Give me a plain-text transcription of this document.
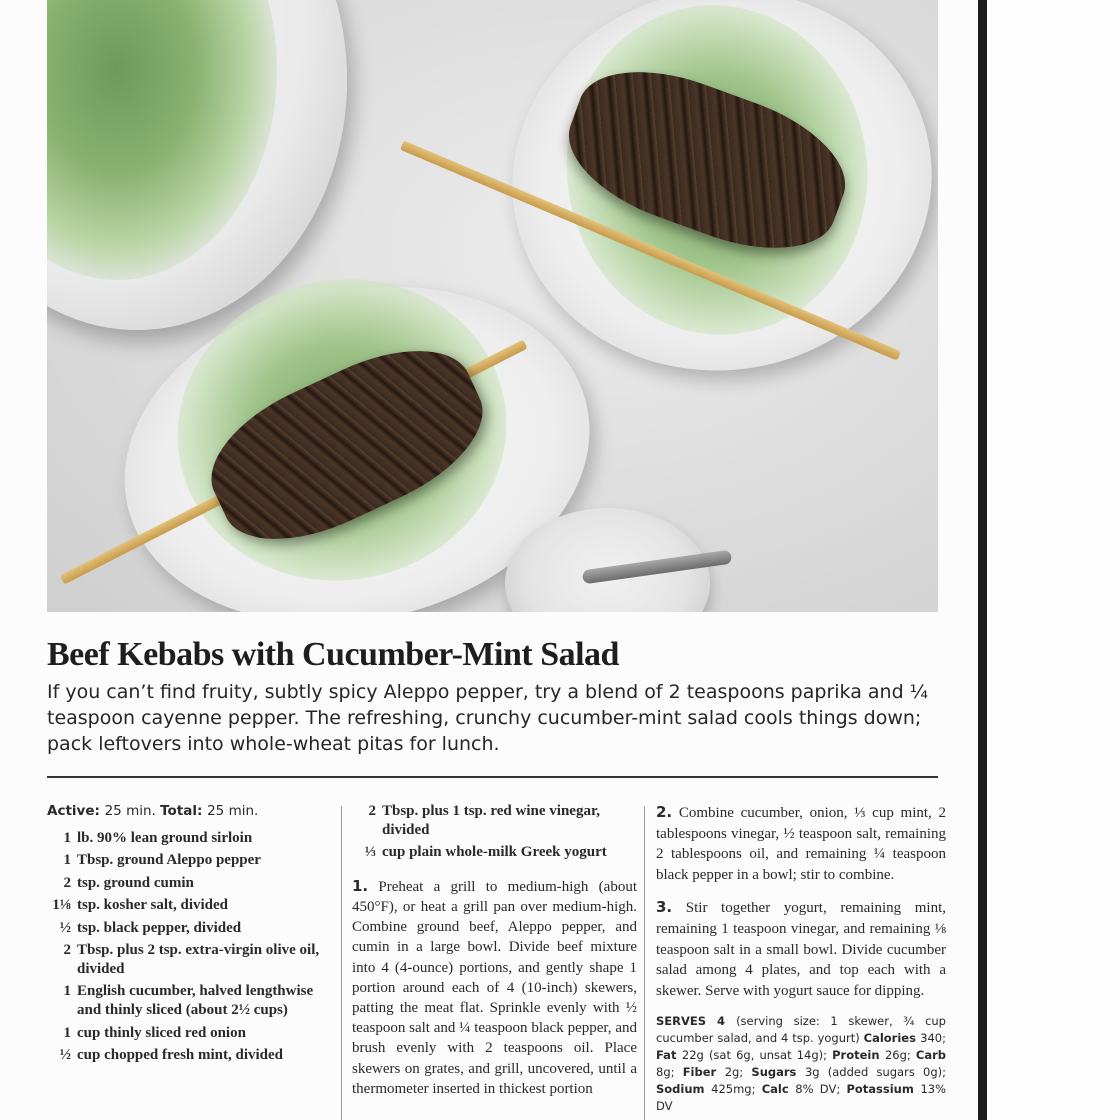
Beef Kebabs with Cucumber-Mint Salad

If you can’t find fruity, subtly spicy Aleppo pepper, try a blend of 2 teaspoons paprika and ¼ teaspoon cayenne pepper. The refreshing, crunchy cucumber-mint salad cools things down; pack leftovers into whole-wheat pitas for lunch.

Active: 25 min. Total: 25 min.
1 lb. 90% lean ground sirloin
1 Tbsp. ground Aleppo pepper
2 tsp. ground cumin
1⅛ tsp. kosher salt, divided
½ tsp. black pepper, divided
2 Tbsp. plus 2 tsp. extra-virgin olive oil, divided
1 English cucumber, halved lengthwise and thinly sliced (about 2½ cups)
1 cup thinly sliced red onion
½ cup chopped fresh mint, divided
2 Tbsp. plus 1 tsp. red wine vinegar, divided
⅓ cup plain whole-milk Greek yogurt
1. Preheat a grill to medium-high (about 450°F), or heat a grill pan over medium-high. Combine ground beef, Aleppo pepper, and cumin in a large bowl. Divide beef mixture into 4 (4-ounce) portions, and gently shape 1 portion around each of 4 (10-inch) skewers, patting the meat flat. Sprinkle evenly with ½ teaspoon salt and ¼ teaspoon black pepper, and brush evenly with 2 teaspoons oil. Place skewers on grates, and grill, uncovered, until a thermometer inserted in thickest portion
2. Combine cucumber, onion, ⅓ cup mint, 2 tablespoons vinegar, ½ teaspoon salt, remaining 2 tablespoons oil, and remaining ¼ teaspoon black pepper in a bowl; stir to combine.
3. Stir together yogurt, remaining mint, remaining 1 teaspoon vinegar, and remaining ⅛ teaspoon salt in a small bowl. Divide cucumber salad among 4 plates, and top each with a skewer. Serve with yogurt sauce for dipping.
SERVES 4 (serving size: 1 skewer, ¾ cup cucumber salad, and 4 tsp. yogurt) Calories 340; Fat 22g (sat 6g, unsat 14g); Protein 26g; Carb 8g; Fiber 2g; Sugars 3g (added sugars 0g); Sodium 425mg; Calc 8% DV; Potassium 13% DV
